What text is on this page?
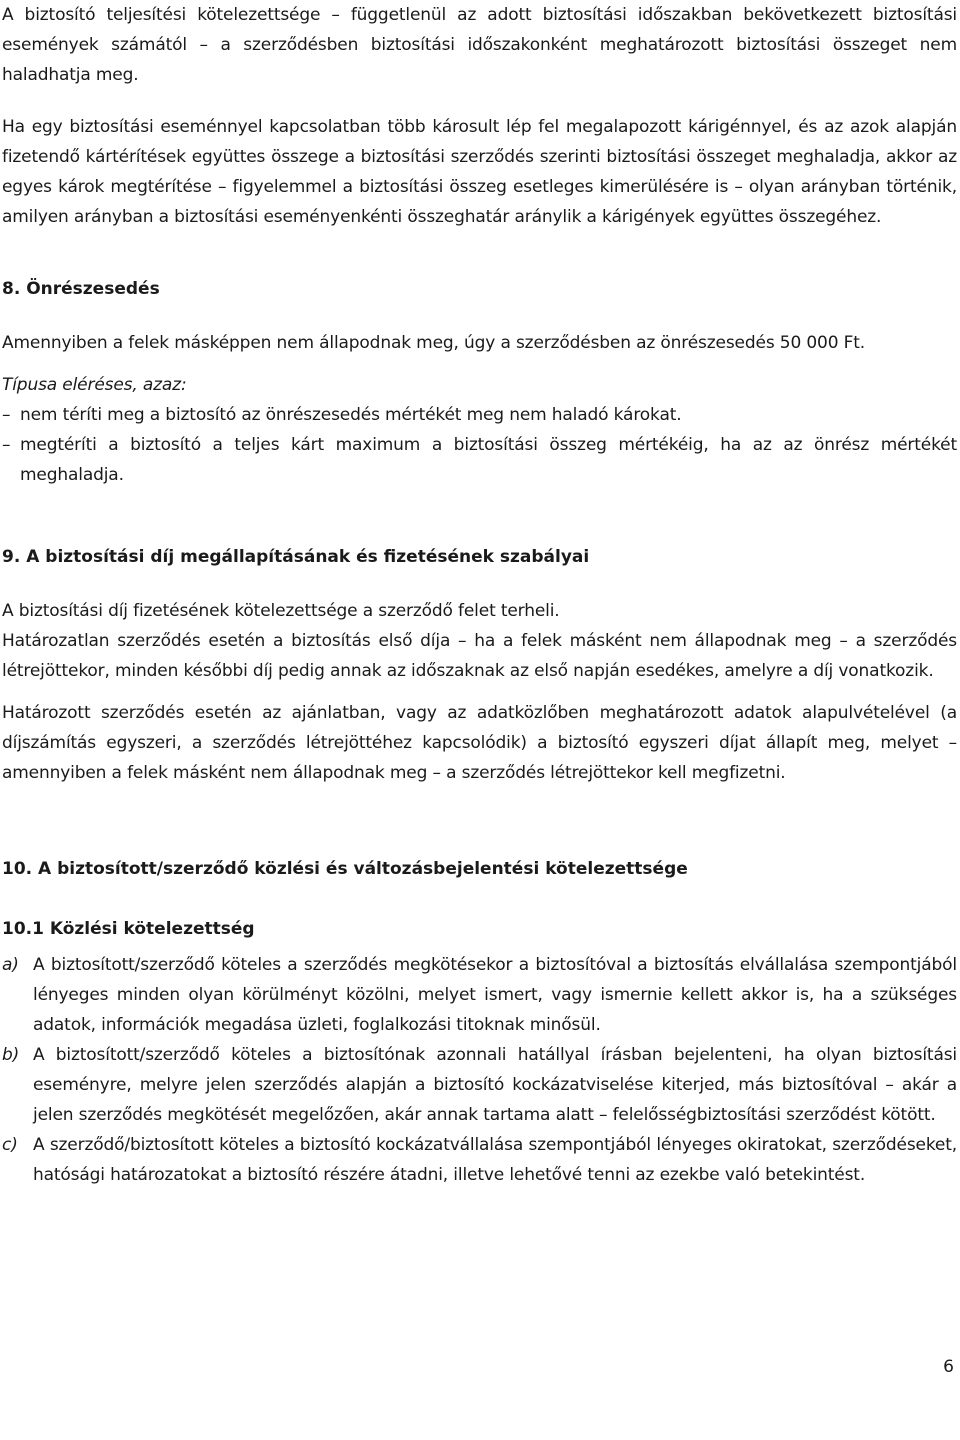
A biztosító teljesítési kötelezettsége – függetlenül az adott biztosítási időszakban bekövetkezett biztosítási események számától – a szerződésben biztosítási időszakonként meghatározott biztosítási összeget nem haladhatja meg.

Ha egy biztosítási eseménnyel kapcsolatban több károsult lép fel megalapozott kárigénnyel, és az azok alapján fizetendő kártérítések együttes összege a biztosítási szerződés szerinti biztosítási összeget meghaladja, akkor az egyes károk megtérítése – figyelemmel a biztosítási összeg esetleges kimerülésére is – olyan arányban történik, amilyen arányban a biztosítási eseményenkénti összeghatár aránylik a kárigények együttes összegéhez.

8. Önrészesedés

Amennyiben a felek másképpen nem állapodnak meg, úgy a szerződésben az önrészesedés 50 000 Ft.

Típusa eléréses, azaz:

– nem téríti meg a biztosító az önrészesedés mértékét meg nem haladó károkat.
– megtéríti a biztosító a teljes kárt maximum a biztosítási összeg mértékéig, ha az az önrész mértékét meghaladja.
9. A biztosítási díj megállapításának és fizetésének szabályai

A biztosítási díj fizetésének kötelezettsége a szerződő felet terheli.

Határozatlan szerződés esetén a biztosítás első díja – ha a felek másként nem állapodnak meg – a szerződés létrejöttekor, minden későbbi díj pedig annak az időszaknak az első napján esedékes, amelyre a díj vonatkozik.

Határozott szerződés esetén az ajánlatban, vagy az adatközlőben meghatározott adatok alapulvételével (a díjszámítás egyszeri, a szerződés létrejöttéhez kapcsolódik) a biztosító egyszeri díjat állapít meg, melyet – amennyiben a felek másként nem állapodnak meg – a szerződés létrejöttekor kell megfizetni.

10. A biztosított/szerződő közlési és változásbejelentési kötelezettsége
10.1 Közlési kötelezettség
a) A biztosított/szerződő köteles a szerződés megkötésekor a biztosítóval a biztosítás elvállalása szempontjából lényeges minden olyan körülményt közölni, melyet ismert, vagy ismernie kellett akkor is, ha a szükséges adatok, információk megadása üzleti, foglalkozási titoknak minősül.
b) A biztosított/szerződő köteles a biztosítónak azonnali hatállyal írásban bejelenteni, ha olyan biztosítási eseményre, melyre jelen szerződés alapján a biztosító kockázatviselése kiterjed, más biztosítóval – akár a jelen szerződés megkötését megelőzően, akár annak tartama alatt – felelősségbiztosítási szerződést kötött.
c) A szerződő/biztosított köteles a biztosító kockázatvállalása szempontjából lényeges okiratokat, szerződéseket, hatósági határozatokat a biztosító részére átadni, illetve lehetővé tenni az ezekbe való betekintést.
6
